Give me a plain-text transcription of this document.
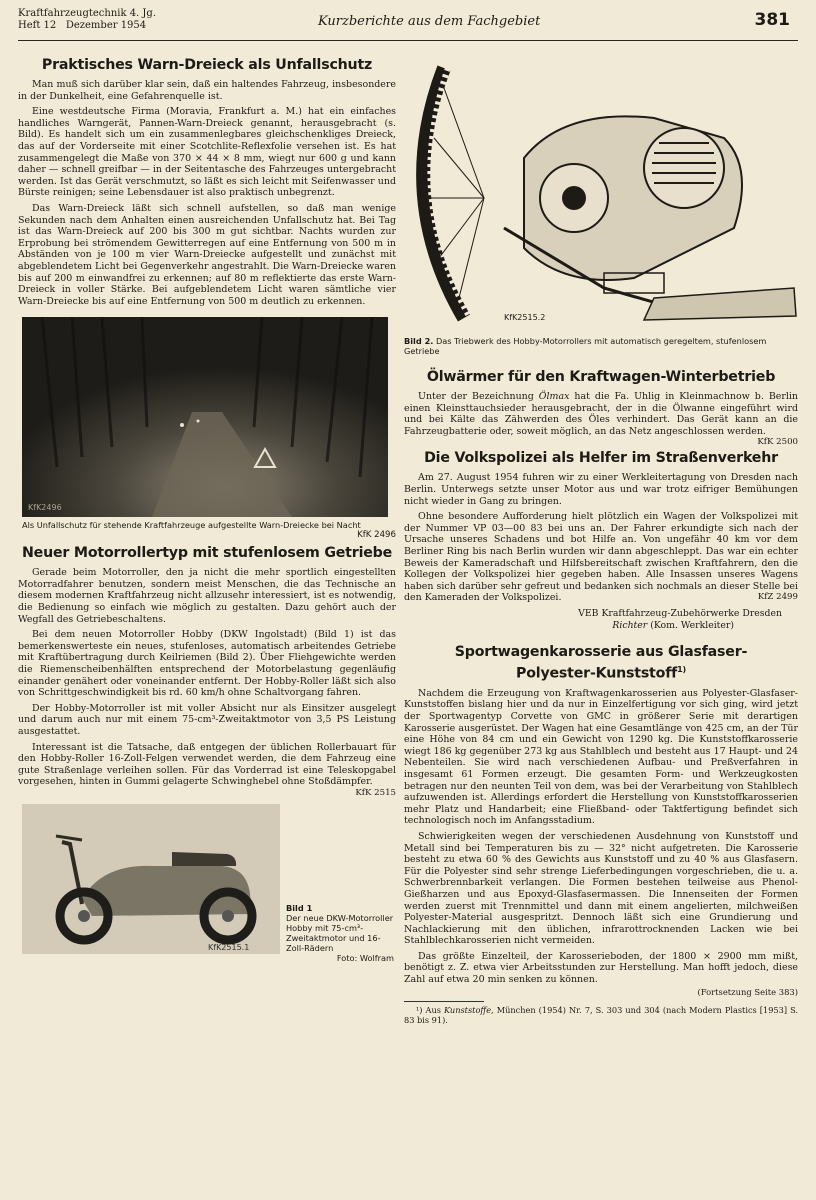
Kraftfahrzeugtechnik 4. Jg.
Heft 12 Dezember 1954	Kurzberichte aus dem Fachgebiet	381
Praktisches Warn-Dreieck als Unfallschutz

Man muß sich darüber klar sein, daß ein haltendes Fahrzeug, insbesondere in der Dunkelheit, eine Gefahrenquelle ist.

Eine westdeutsche Firma (Moravia, Frankfurt a. M.) hat ein einfaches handliches Warngerät, Pannen-Warn-Dreieck genannt, herausgebracht (s. Bild). Es handelt sich um ein zusammenlegbares gleichschenkliges Dreieck, das auf der Vorderseite mit einer Scotchlite-Reflexfolie versehen ist. Es hat zusammengelegt die Maße von 370 × 44 × 8 mm, wiegt nur 600 g und kann daher — schnell greifbar — in der Seitentasche des Fahrzeuges untergebracht werden. Ist das Gerät verschmutzt, so läßt es sich leicht mit Seifenwasser und Bürste reinigen; seine Lebensdauer ist also praktisch unbegrenzt.

Das Warn-Dreieck läßt sich schnell aufstellen, so daß man wenige Sekunden nach dem Anhalten einen ausreichenden Unfallschutz hat. Bei Tag ist das Warn-Dreieck auf 200 bis 300 m gut sichtbar. Nachts wurden zur Erprobung bei strömendem Gewitterregen auf eine Entfernung von 500 m in Abständen von je 100 m vier Warn-Dreiecke aufgestellt und zunächst mit abgeblendetem Licht bei Gegenverkehr angestrahlt. Die Warn-Dreiecke waren bis auf 200 m einwandfrei zu erkennen; auf 80 m reflektierte das erste Warn-Dreieck in voller Stärke. Bei aufgeblendetem Licht waren sämtliche vier Warn-Dreiecke bis auf eine Entfernung von 500 m deutlich zu erkennen.

KfK2496
Als Unfallschutz für stehende Kraftfahrzeuge aufgestellte Warn-Dreiecke bei Nacht
KfK 2496
Neuer Motorrollertyp mit stufenlosem Getriebe

Gerade beim Motorroller, den ja nicht die mehr sportlich eingestellten Motorradfahrer benutzen, sondern meist Menschen, die das Technische an diesem modernen Kraftfahrzeug nicht allzusehr interessiert, ist es notwendig, die Bedienung so einfach wie möglich zu gestalten. Dazu gehört auch der Wegfall des Getriebeschaltens.

Bei dem neuen Motorroller Hobby (DKW Ingolstadt) (Bild 1) ist das bemerkenswerteste ein neues, stufenloses, automatisch arbeitendes Getriebe mit Kraftübertragung durch Keilriemen (Bild 2). Über Fliehgewichte werden die Riemenscheibenhälften entsprechend der Motorbelastung gegenläufig einander genähert oder voneinander entfernt. Der Hobby-Roller läßt sich also von Schrittgeschwindigkeit bis rd. 60 km/h ohne Schaltvorgang fahren.

Der Hobby-Motorroller ist mit voller Absicht nur als Einsitzer ausgelegt und darum auch nur mit einem 75-cm³-Zweitaktmotor von 3,5 PS Leistung ausgestattet.

Interessant ist die Tatsache, daß entgegen der üblichen Rollerbauart für den Hobby-Roller 16-Zoll-Felgen verwendet werden, die dem Fahrzeug eine gute Straßenlage verleihen sollen. Für das Vorderrad ist eine Teleskopgabel vorgesehen, hinten in Gummi gelagerte Schwinghebel ohne Stoßdämpfer.
KfK 2515

KfK2515.1
Bild 1
Der neue DKW-Motorroller Hobby mit 75-cm³-Zweitaktmotor und 16-Zoll-Rädern
Foto: Wolfram
KfK2515.2
Bild 2. Das Triebwerk des Hobby-Motorrollers mit automatisch geregeltem, stufenlosem Getriebe
Ölwärmer für den Kraftwagen-Winterbetrieb

Unter der Bezeichnung Ölmax hat die Fa. Uhlig in Kleinmachnow b. Berlin einen Kleinsttauchsieder herausgebracht, der in die Ölwanne eingeführt wird und bei Kälte das Zähwerden des Öles verhindert. Das Gerät kann an die Fahrzeugbatterie oder, soweit möglich, an das Netz angeschlossen werden.
KfK 2500

Die Volkspolizei als Helfer im Straßenverkehr

Am 27. August 1954 fuhren wir zu einer Werkleitertagung von Dresden nach Berlin. Unterwegs setzte unser Motor aus und war trotz eifriger Bemühungen nicht wieder in Gang zu bringen.

Ohne besondere Aufforderung hielt plötzlich ein Wagen der Volkspolizei mit der Nummer VP 03—00 83 bei uns an. Der Fahrer erkundigte sich nach der Ursache unseres Schadens und bot Hilfe an. Von ungefähr 40 km vor dem Berliner Ring bis nach Berlin wurden wir dann abgeschleppt. Das war ein echter Beweis der Kameradschaft und Hilfsbereitschaft zwischen Kraftfahrern, den die Kollegen der Volkspolizei hier gegeben haben. Alle Insassen unseres Wagens haben sich darüber sehr gefreut und bedanken sich nochmals an dieser Stelle bei den Kameraden der Volkspolizei.	KfZ 2499

VEB Kraftfahrzeug-Zubehörwerke Dresden
Richter (Kom. Werkleiter)
Sportwagenkarosserie aus Glasfaser-Polyester-Kunststoff$^{1)}$

Nachdem die Erzeugung von Kraftwagenkarosserien aus Polyester-Glasfaser-Kunststoffen bislang hier und da nur in Einzelfertigung vor sich ging, wird jetzt der Sportwagentyp Corvette von GMC in größerer Serie mit derartigen Karosserie ausgerüstet. Der Wagen hat eine Gesamtlänge von 425 cm, an der Tür eine Höhe von 84 cm und ein Gewicht von 1290 kg. Die Kunststoffkarosserie wiegt 186 kg gegenüber 273 kg aus Stahlblech und besteht aus 17 Haupt- und 24 Nebenteilen. Sie wird nach verschiedenen Aufbau- und Preßverfahren in insgesamt 61 Formen erzeugt. Die gesamten Form- und Werkzeugkosten betragen nur den neunten Teil von dem, was bei der Verarbeitung von Stahlblech aufzuwenden ist. Allerdings erfordert die Herstellung von Kunststoffkarosserien mehr Platz und Handarbeit; eine Fließband- oder Taktfertigung befindet sich technologisch noch im Anfangsstadium.

Schwierigkeiten wegen der verschiedenen Ausdehnung von Kunststoff und Metall sind bei Temperaturen bis zu — 32° nicht aufgetreten. Die Karosserie besteht zu etwa 60 % des Gewichts aus Kunststoff und zu 40 % aus Glasfasern. Für die Polyester sind sehr strenge Lieferbedingungen vorgeschrieben, die u. a. Schwerbrennbarkeit verlangen. Die Formen bestehen teilweise aus Phenol-Gießharzen und aus Epoxyd-Glasfasermassen. Die Innenseiten der Formen werden zuerst mit Trennmittel und dann mit einem angelierten, milchweißen Polyester-Material ausgespritzt. Dennoch läßt sich eine Grundierung und Nachlackierung mit den üblichen, infrarottrocknenden Lacken wie bei Stahlblechkarosserien nicht vermeiden.

Das größte Einzelteil, der Karosserieboden, der 1800 × 2900 mm mißt, benötigt z. Z. etwa vier Arbeitsstunden zur Herstellung. Man hofft jedoch, diese Zahl auf etwa 20 min senken zu können.

(Fortsetzung Seite 383)
¹) Aus Kunststoffe, München (1954) Nr. 7, S. 303 und 304 (nach Modern Plastics [1953] S. 83 bis 91).
